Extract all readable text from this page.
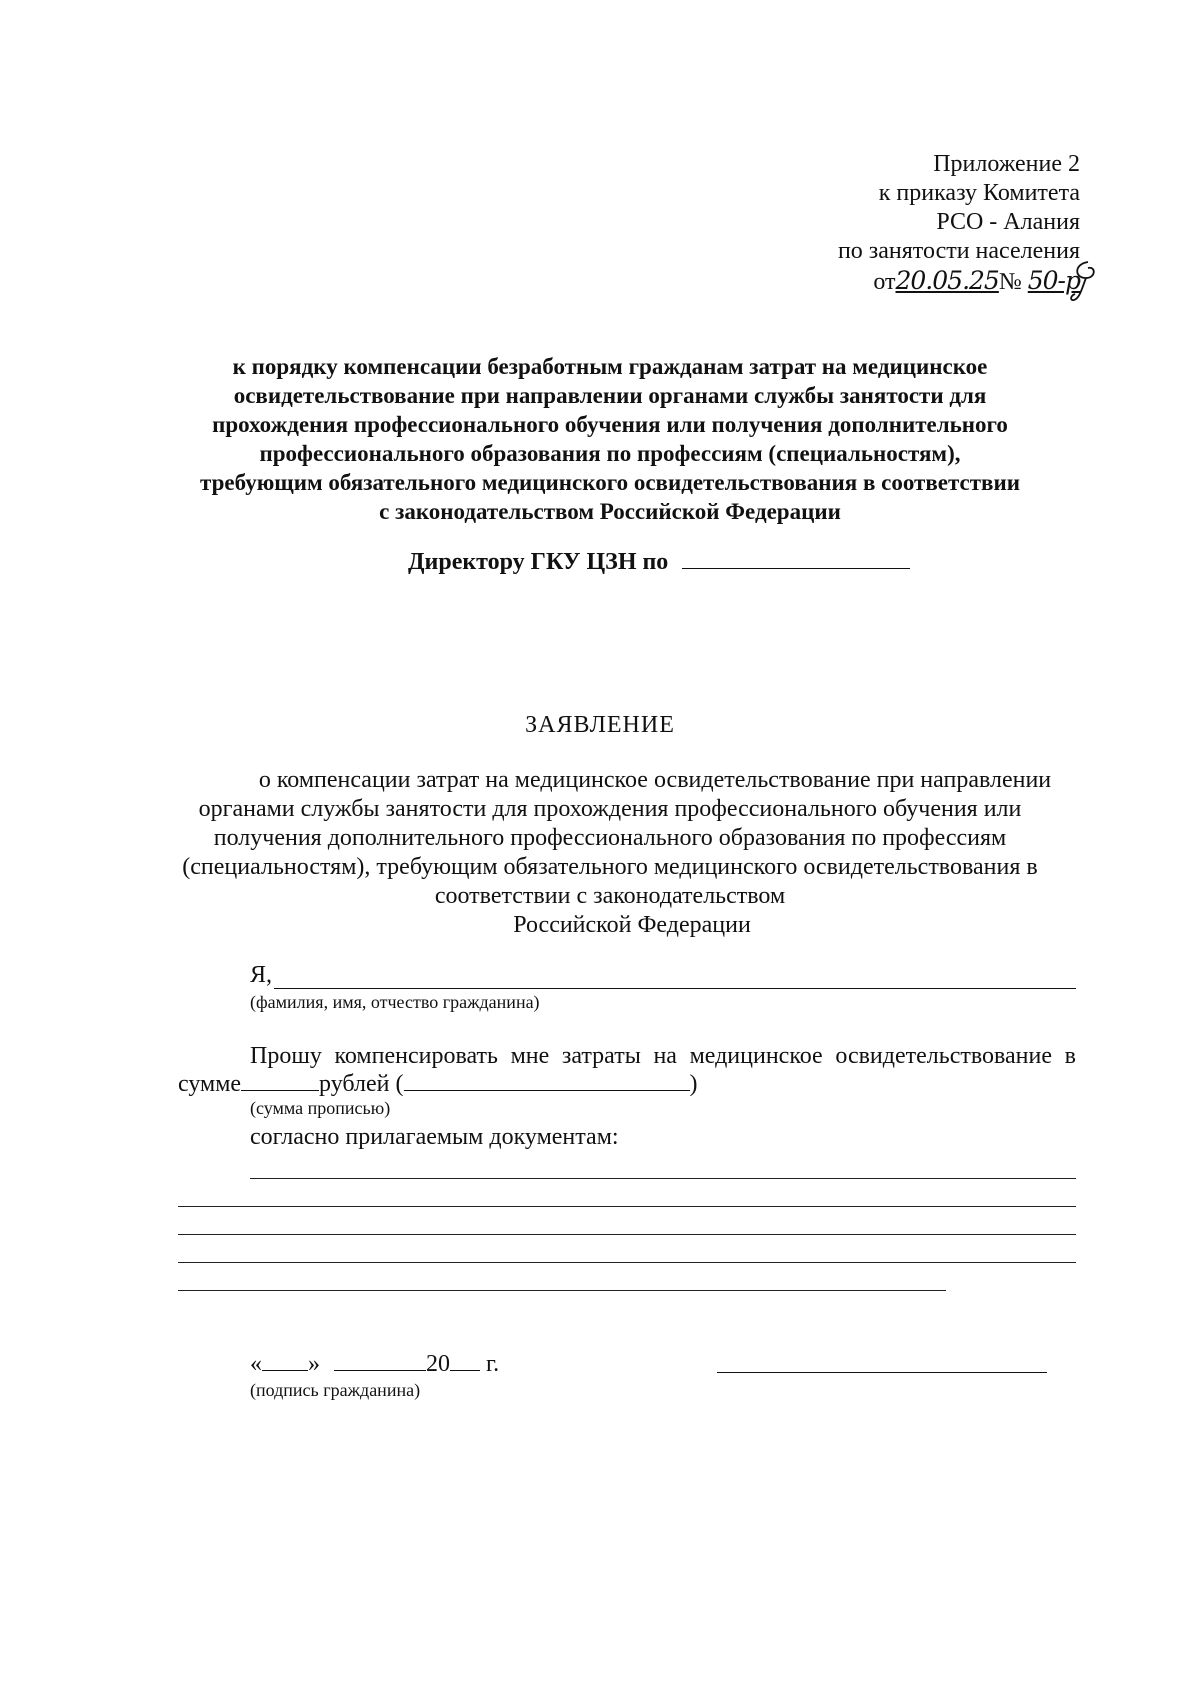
Приложение 2
к приказу Комитета
РСО - Алания
по занятости населения
от20.05.25№ 50-р
к порядку компенсации безработным гражданам затрат на медицинское
освидетельствование при направлении органами службы занятости для
прохождения профессионального обучения или получения дополнительного
профессионального образования по профессиям (специальностям),
требующим обязательного медицинского освидетельствования в соответствии
с законодательством Российской Федерации
Директору ГКУ ЦЗН по
ЗАЯВЛЕНИЕ
о компенсации затрат на медицинское освидетельствование при направлении
органами службы занятости для прохождения профессионального обучения или
получения дополнительного профессионального образования по профессиям
(специальностям), требующим обязательного медицинского освидетельствования в
соответствии с законодательством
Российской Федерации
Я,
(фамилия, имя, отчество гражданина)
Прошу компенсировать мне затраты на медицинское освидетельствование в
сумме	рублей (	)
(сумма прописью)
согласно прилагаемым документам:
« »	20 г.
(подпись гражданина)
